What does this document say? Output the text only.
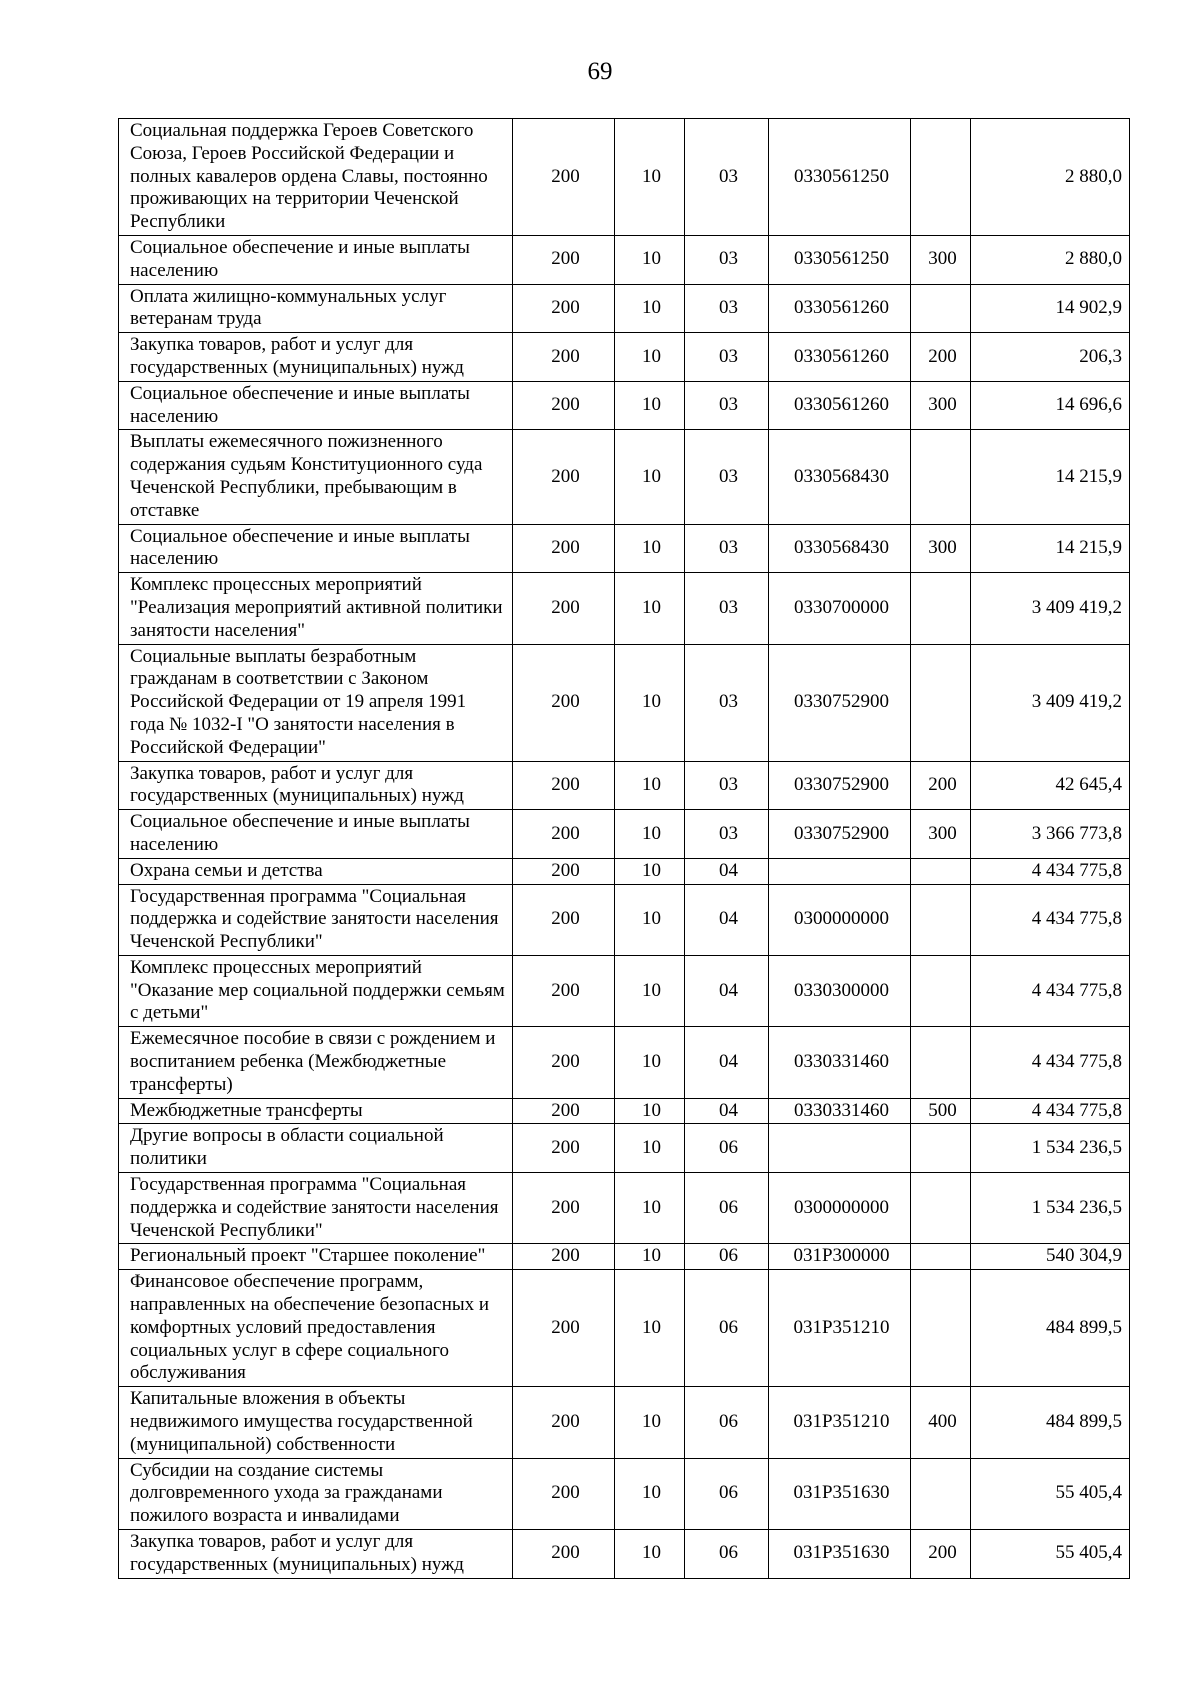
69
Социальная поддержка Героев Советского Союза, Героев Российской Федерации и полных кавалеров ордена Славы, постоянно проживающих на территории Чеченской Республики	200	10	03	0330561250		2 880,0
Социальное обеспечение и иные выплаты населению	200	10	03	0330561250	300	2 880,0
Оплата жилищно-коммунальных услуг ветеранам труда	200	10	03	0330561260		14 902,9
Закупка товаров, работ и услуг для государственных (муниципальных) нужд	200	10	03	0330561260	200	206,3
Социальное обеспечение и иные выплаты населению	200	10	03	0330561260	300	14 696,6
Выплаты ежемесячного пожизненного содержания судьям Конституционного суда Чеченской Республики, пребывающим в отставке	200	10	03	0330568430		14 215,9
Социальное обеспечение и иные выплаты населению	200	10	03	0330568430	300	14 215,9
Комплекс процессных мероприятий "Реализация мероприятий активной политики занятости населения"	200	10	03	0330700000		3 409 419,2
Социальные выплаты безработным гражданам в соответствии с Законом Российской Федерации от 19 апреля 1991 года № 1032-I "О занятости населения в Российской Федерации"	200	10	03	0330752900		3 409 419,2
Закупка товаров, работ и услуг для государственных (муниципальных) нужд	200	10	03	0330752900	200	42 645,4
Социальное обеспечение и иные выплаты населению	200	10	03	0330752900	300	3 366 773,8
Охрана семьи и детства	200	10	04			4 434 775,8
Государственная программа "Социальная поддержка и содействие занятости населения Чеченской Республики"	200	10	04	0300000000		4 434 775,8
Комплекс процессных мероприятий "Оказание мер социальной поддержки семьям с детьми"	200	10	04	0330300000		4 434 775,8
Ежемесячное пособие в связи с рождением и воспитанием ребенка (Межбюджетные трансферты)	200	10	04	0330331460		4 434 775,8
Межбюджетные трансферты	200	10	04	0330331460	500	4 434 775,8
Другие вопросы в области социальной политики	200	10	06			1 534 236,5
Государственная программа "Социальная поддержка и содействие занятости населения Чеченской Республики"	200	10	06	0300000000		1 534 236,5
Региональный проект "Старшее поколение"	200	10	06	031P300000		540 304,9
Финансовое обеспечение программ, направленных на обеспечение безопасных и комфортных условий предоставления социальных услуг в сфере социального обслуживания	200	10	06	031P351210		484 899,5
Капитальные вложения в объекты недвижимого имущества государственной (муниципальной) собственности	200	10	06	031P351210	400	484 899,5
Субсидии на создание системы долговременного ухода за гражданами пожилого возраста и инвалидами	200	10	06	031P351630		55 405,4
Закупка товаров, работ и услуг для государственных (муниципальных) нужд	200	10	06	031P351630	200	55 405,4
